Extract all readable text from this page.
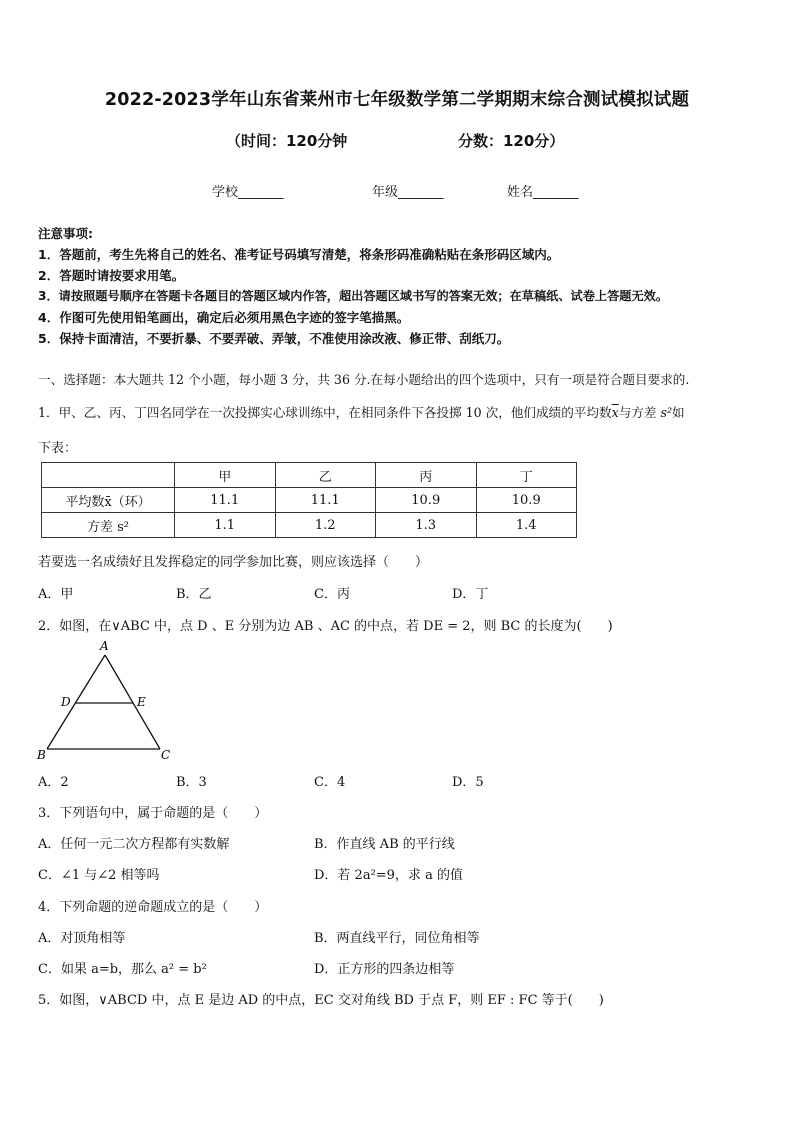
2022-2023学年山东省莱州市七年级数学第二学期期末综合测试模拟试题
（时间：120分钟	分数：120分）
学校_______	年级_______	姓名_______
注意事项:
1．答题前，考生先将自己的姓名、准考证号码填写清楚，将条形码准确粘贴在条形码区域内。
2．答题时请按要求用笔。
3．请按照题号顺序在答题卡各题目的答题区域内作答，超出答题区域书写的答案无效；在草稿纸、试卷上答题无效。
4．作图可先使用铅笔画出，确定后必须用黑色字迹的签字笔描黑。
5．保持卡面清洁，不要折暴、不要弄破、弄皱，不准使用涂改液、修正带、刮纸刀。
一、选择题：本大题共 12 个小题，每小题 3 分，共 36 分.在每小题给出的四个选项中，只有一项是符合题目要求的.
1．甲、乙、丙、丁四名同学在一次投掷实心球训练中，在相同条件下各投掷 10 次，他们成绩的平均数$\overline{x}$与方差 s²如
下表：
	甲	乙	丙	丁
平均数x̄（环）	11.1	11.1	10.9	10.9
方差 s²	1.1	1.2	1.3	1.4
若要选一名成绩好且发挥稳定的同学参加比赛，则应该选择（　　）
A．甲	B．乙	C．丙	D．丁
2．如图，在∨ABC 中，点 D 、E 分别为边 AB 、AC 的中点，若 DE = 2，则 BC 的长度为(　　)
A
D	E
B	C
A．2	B．3	C．4	D．5
3．下列语句中，属于命题的是（　　）
A．任何一元二次方程都有实数解	B．作直线 AB 的平行线
C．∠1 与∠2 相等吗	D．若 2a²=9，求 a 的值
4．下列命题的逆命题成立的是（　　）
A．对顶角相等	B．两直线平行，同位角相等
C．如果 a=b，那么 a² = b²	D．正方形的四条边相等
5．如图，∨ABCD 中，点 E 是边 AD 的中点，EC 交对角线 BD 于点 F，则 EF : FC 等于(　　)
